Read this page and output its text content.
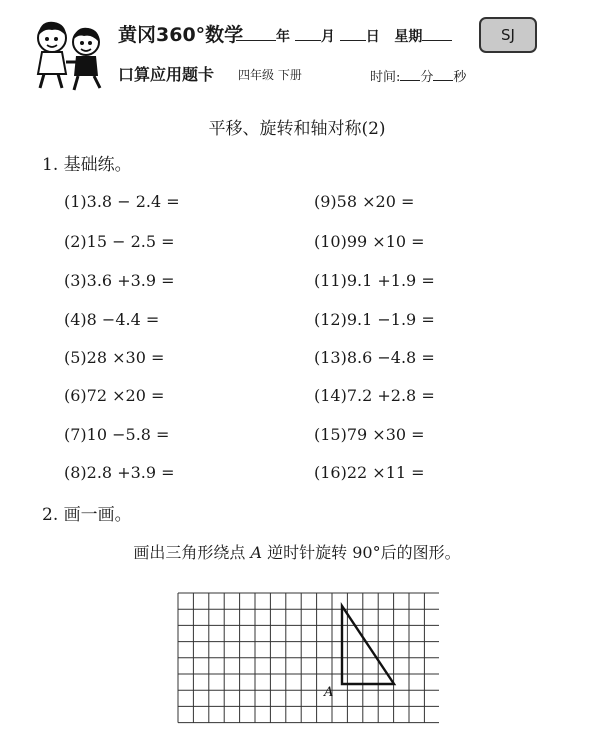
黄冈360°数学
口算应用题卡 四年级 下册
年 月 日 星期
时间: 分 秒
SJ
平移、旋转和轴对称(2)
1. 基础练。
(1)3.8 − 2.4 =
(2)15 − 2.5 =
(3)3.6 +3.9 =
(4)8 −4.4 =
(5)28 ×30 =
(6)72 ×20 =
(7)10 −5.8 =
(8)2.8 +3.9 =
(9)58 ×20 =
(10)99 ×10 =
(11)9.1 +1.9 =
(12)9.1 −1.9 =
(13)8.6 −4.8 =
(14)7.2 +2.8 =
(15)79 ×30 =
(16)22 ×11 =
2. 画一画。
画出三角形绕点 A 逆时针旋转 90°后的图形。
A
